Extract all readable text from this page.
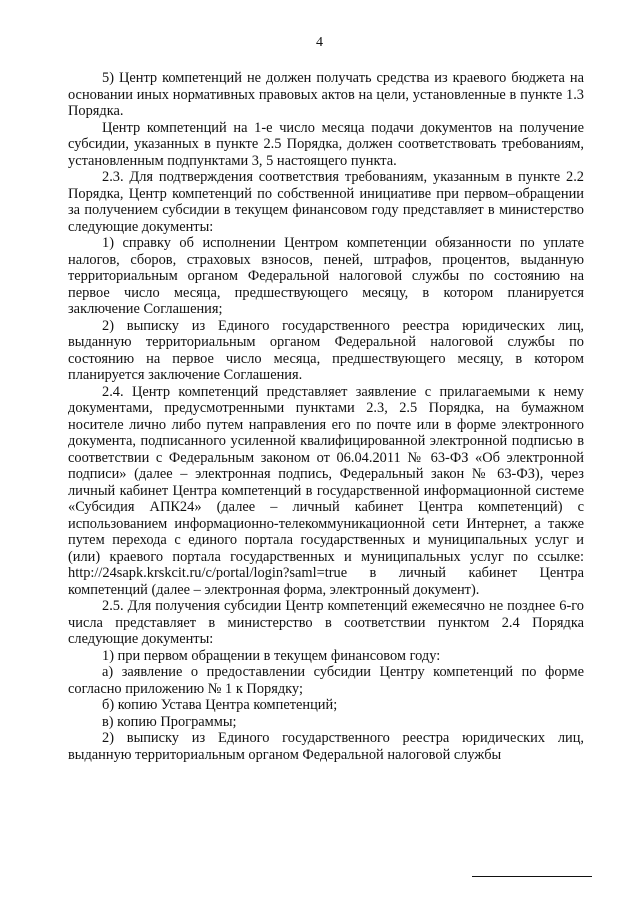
4

5) Центр компетенций не должен получать средства из краевого бюджета на основании иных нормативных правовых актов на цели, установленные в пункте 1.3 Порядка.

Центр компетенций на 1-е число месяца подачи документов на получение субсидии, указанных в пункте 2.5 Порядка, должен соответствовать требованиям, установленным подпунктами 3, 5 настоящего пункта.

2.3. Для подтверждения соответствия требованиям, указанным в пункте 2.2 Порядка, Центр компетенций по собственной инициативе при первом–обращении за получением субсидии в текущем финансовом году представляет в министерство следующие документы:

1) справку об исполнении Центром компетенции обязанности по уплате налогов, сборов, страховых взносов, пеней, штрафов, процентов, выданную территориальным органом Федеральной налоговой службы по состоянию на первое число месяца, предшествующего месяцу, в котором планируется заключение Соглашения;

2) выписку из Единого государственного реестра юридических лиц, выданную территориальным органом Федеральной налоговой службы по состоянию на первое число месяца, предшествующего месяцу, в котором планируется заключение Соглашения.

2.4. Центр компетенций представляет заявление с прилагаемыми к нему документами, предусмотренными пунктами 2.3, 2.5 Порядка, на бумажном носителе лично либо путем направления его по почте или в форме электронного документа, подписанного усиленной квалифицированной электронной подписью в соответствии с Федеральным законом от 06.04.2011 № 63-ФЗ «Об электронной подписи» (далее – электронная подпись, Федеральный закон № 63-ФЗ), через личный кабинет Центра компетенций в государственной информационной системе «Субсидия АПК24» (далее – личный кабинет Центра компетенций) с использованием информационно-телекоммуникационной сети Интернет, а также путем перехода с единого портала государственных и муниципальных услуг и (или) краевого портала государственных и муниципальных услуг по ссылке: http://24sapk.krskcit.ru/c/portal/login?saml=true в личный кабинет Центра компетенций (далее – электронная форма, электронный документ).

2.5. Для получения субсидии Центр компетенций ежемесячно не позднее 6-го числа представляет в министерство в соответствии пунктом 2.4 Порядка следующие документы:

1) при первом обращении в текущем финансовом году:

а) заявление о предоставлении субсидии Центру компетенций по форме согласно приложению № 1 к Порядку;

б) копию Устава Центра компетенций;

в) копию Программы;

2) выписку из Единого государственного реестра юридических лиц, выданную территориальным органом Федеральной налоговой службы
